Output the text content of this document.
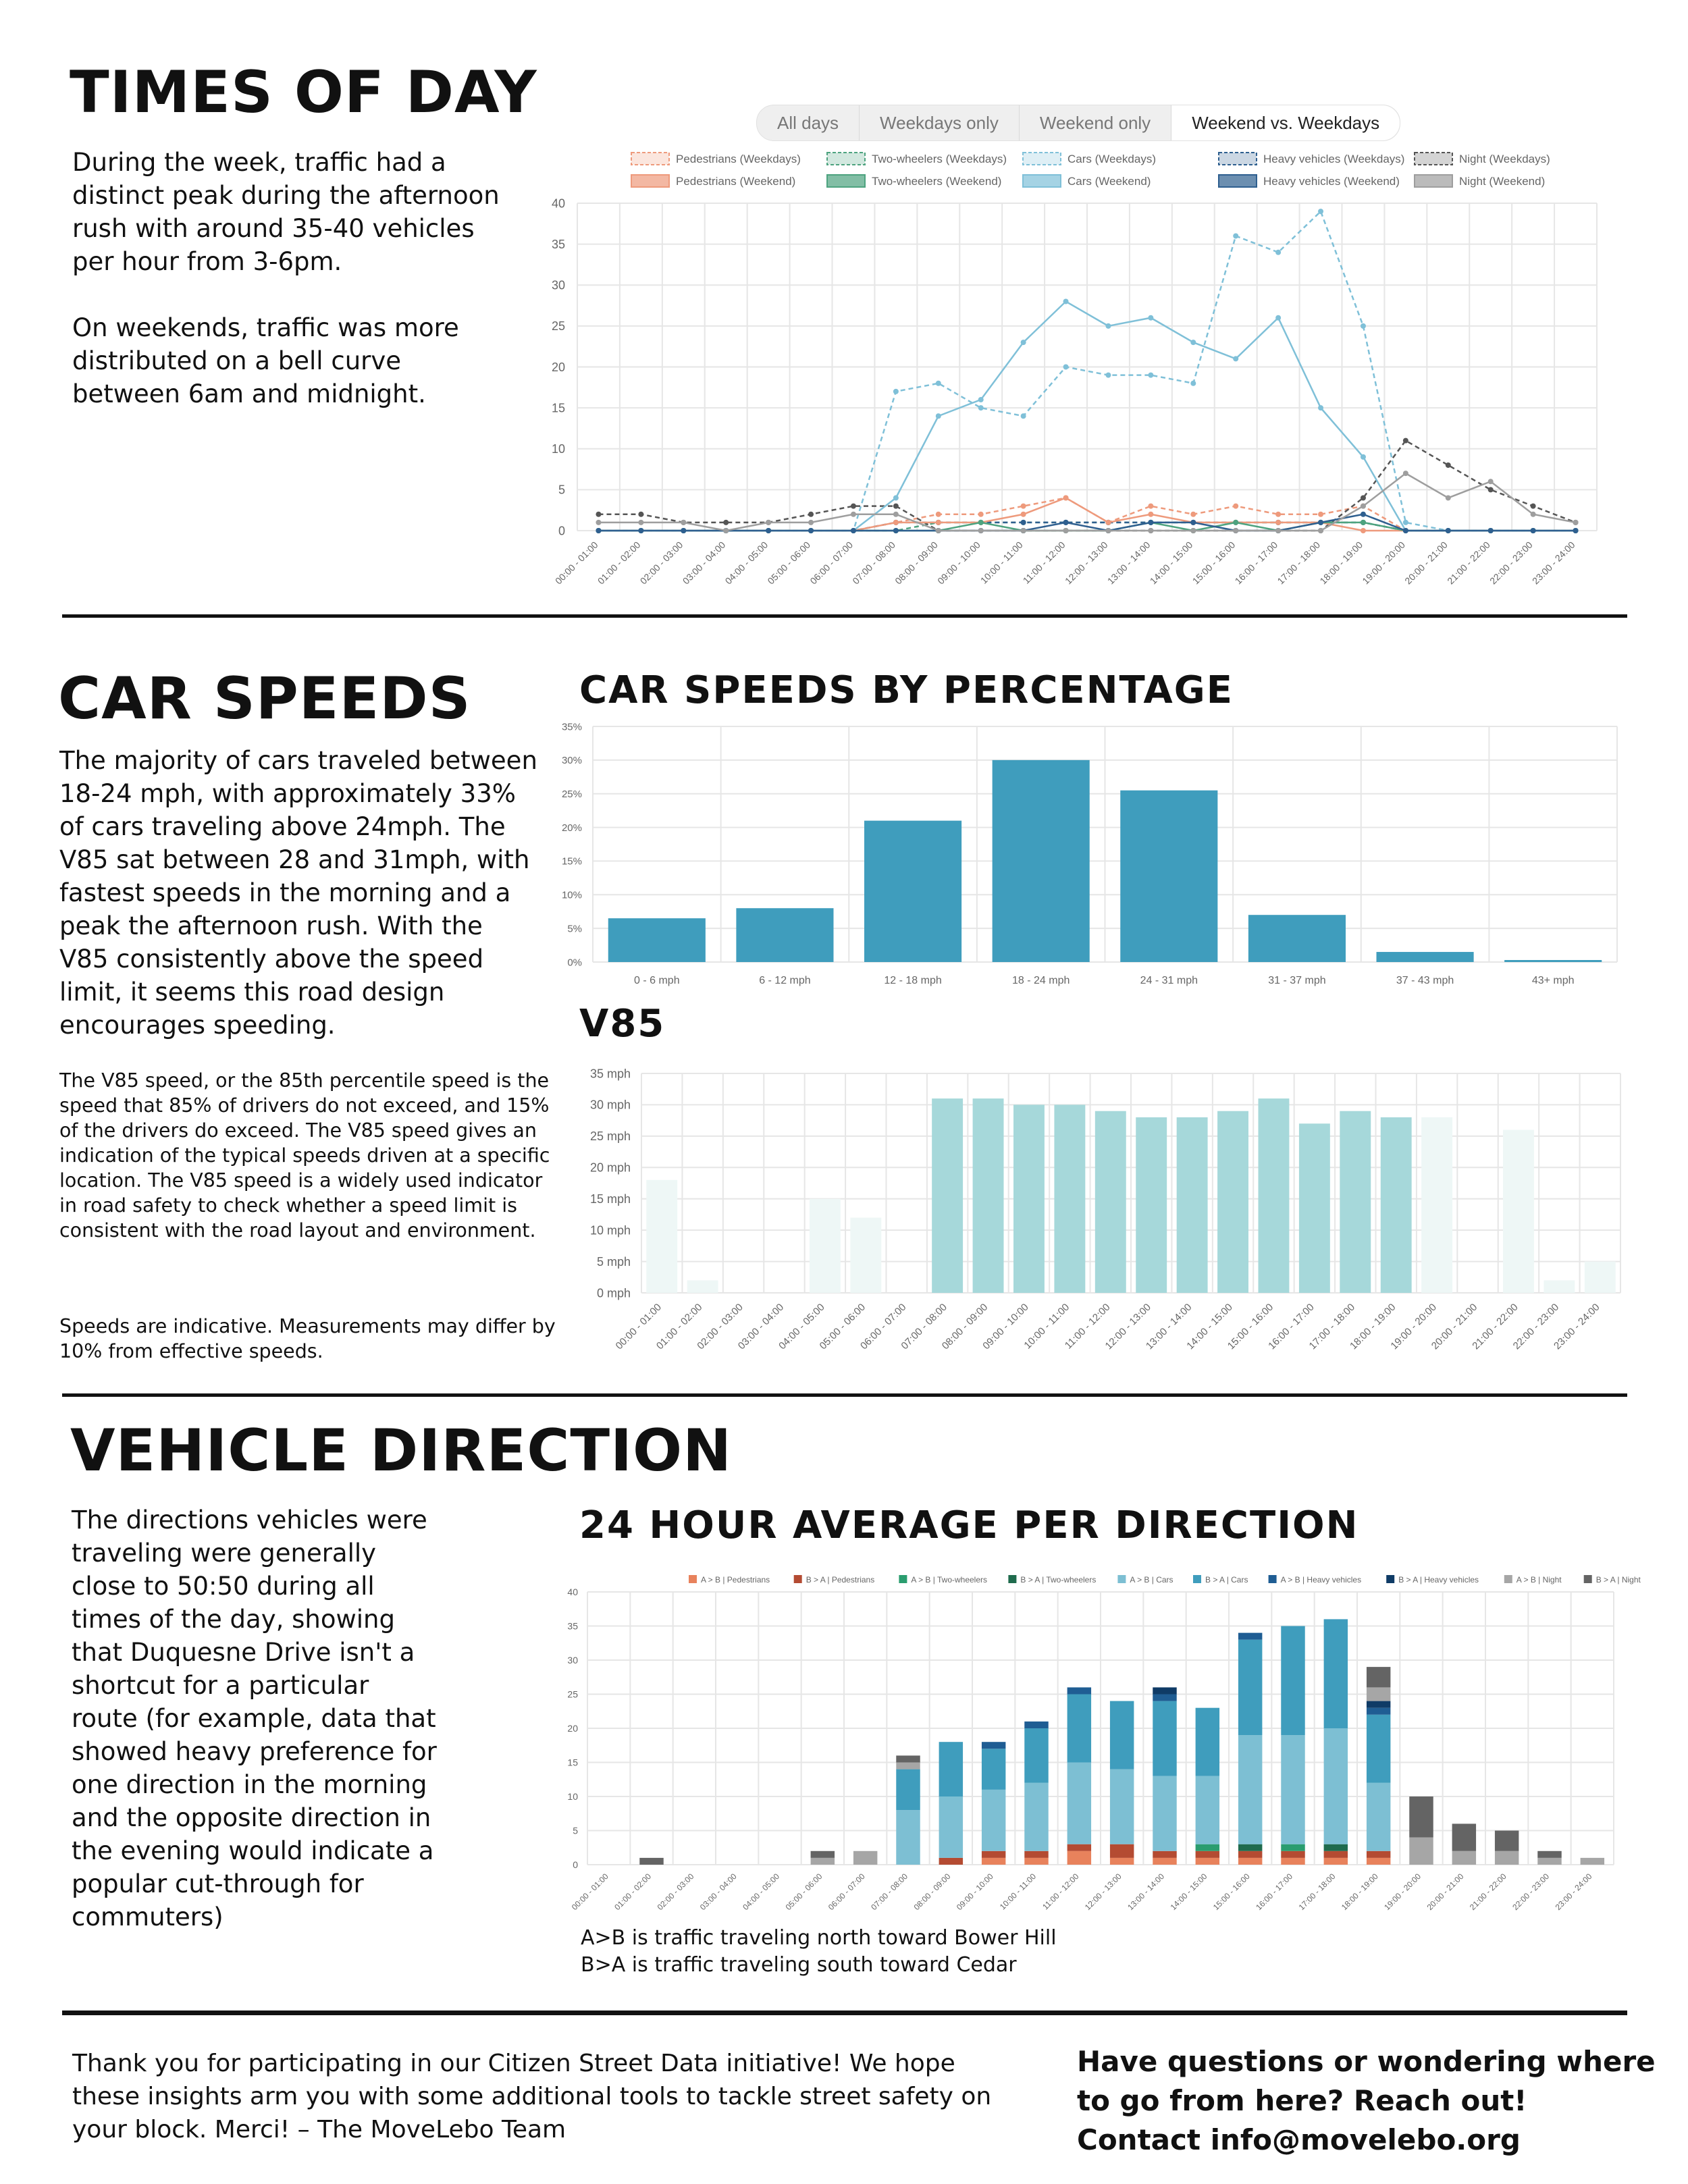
TIMES OF DAY

During the week, traffic had a
distinct peak during the afternoon
rush with around 35-40 vehicles
per hour from 3-6pm.

On weekends, traffic was more
distributed on a bell curve
between 6am and midnight.

All days	Weekdays only	Weekend only	Weekend vs. Weekdays
Pedestrians (Weekdays)	Two-wheelers (Weekdays)	Cars (Weekdays)	Heavy vehicles (Weekdays)	Night (Weekdays)
Pedestrians (Weekend)	Two-wheelers (Weekend)	Cars (Weekend)	Heavy vehicles (Weekend)	Night (Weekend)
0
5
10
15
20
25
30
35
40
00:00 - 01:00
01:00 - 02:00
02:00 - 03:00
03:00 - 04:00
04:00 - 05:00
05:00 - 06:00
06:00 - 07:00
07:00 - 08:00
08:00 - 09:00
09:00 - 10:00
10:00 - 11:00
11:00 - 12:00
12:00 - 13:00
13:00 - 14:00
14:00 - 15:00
15:00 - 16:00
16:00 - 17:00
17:00 - 18:00
18:00 - 19:00
19:00 - 20:00
20:00 - 21:00
21:00 - 22:00
22:00 - 23:00
23:00 - 24:00
CAR SPEEDS

The majority of cars traveled between
18-24 mph, with approximately 33%
of cars traveling above 24mph. The
V85 sat between 28 and 31mph, with
fastest speeds in the morning and a
peak the afternoon rush. With the
V85 consistently above the speed
limit, it seems this road design
encourages speeding.

The V85 speed, or the 85th percentile speed is the speed that 85% of drivers do not exceed, and 15% of the drivers do exceed. The V85 speed gives an indication of the typical speeds driven at a specific location. The V85 speed is a widely used indicator in road safety to check whether a speed limit is consistent with the road layout and environment.

Speeds are indicative. Measurements may differ by 10% from effective speeds.

CAR SPEEDS BY PERCENTAGE
0%
5%
10%
15%
20%
25%
30%
35%
0 - 6 mph	6 - 12 mph	12 - 18 mph	18 - 24 mph	24 - 31 mph	31 - 37 mph	37 - 43 mph	43+ mph
V85
0 mph
5 mph
10 mph
15 mph
20 mph
25 mph
30 mph
35 mph
00:00 - 01:00
01:00 - 02:00
02:00 - 03:00
03:00 - 04:00
04:00 - 05:00
05:00 - 06:00
06:00 - 07:00
07:00 - 08:00
08:00 - 09:00
09:00 - 10:00
10:00 - 11:00
11:00 - 12:00
12:00 - 13:00
13:00 - 14:00
14:00 - 15:00
15:00 - 16:00
16:00 - 17:00
17:00 - 18:00
18:00 - 19:00
19:00 - 20:00
20:00 - 21:00
21:00 - 22:00
22:00 - 23:00
23:00 - 24:00
VEHICLE DIRECTION

The directions vehicles were
traveling were generally
close to 50:50 during all
times of the day, showing
that Duquesne Drive isn't a
shortcut for a particular
route (for example, data that
showed heavy preference for
one direction in the morning
and the opposite direction in
the evening would indicate a
popular cut-through for
commuters)

24 HOUR AVERAGE PER DIRECTION
A > B | Pedestrians	B > A | Pedestrians	A > B | Two-wheelers	B > A | Two-wheelers	A > B | Cars	B > A | Cars	A > B | Heavy vehicles	B > A | Heavy vehicles	A > B | Night	B > A | Night
0
5
10
15
20
25
30
35
40
00:00 - 01:00 01:00 - 02:00 02:00 - 03:00 03:00 - 04:00 04:00 - 05:00 05:00 - 06:00 06:00 - 07:00 07:00 - 08:00 08:00 - 09:00 09:00 - 10:00 10:00 - 11:00 11:00 - 12:00 12:00 - 13:00 13:00 - 14:00 14:00 - 15:00 15:00 - 16:00 16:00 - 17:00 17:00 - 18:00 18:00 - 19:00 19:00 - 20:00 20:00 - 21:00 21:00 - 22:00 22:00 - 23:00 23:00 - 24:00
A>B is traffic traveling north toward Bower Hill
B>A is traffic traveling south toward Cedar

Thank you for participating in our Citizen Street Data initiative! We hope these insights arm you with some additional tools to tackle street safety on your block. Merci! – The MoveLebo Team

Have questions or wondering where
to go from here? Reach out!
Contact info@movelebo.org
